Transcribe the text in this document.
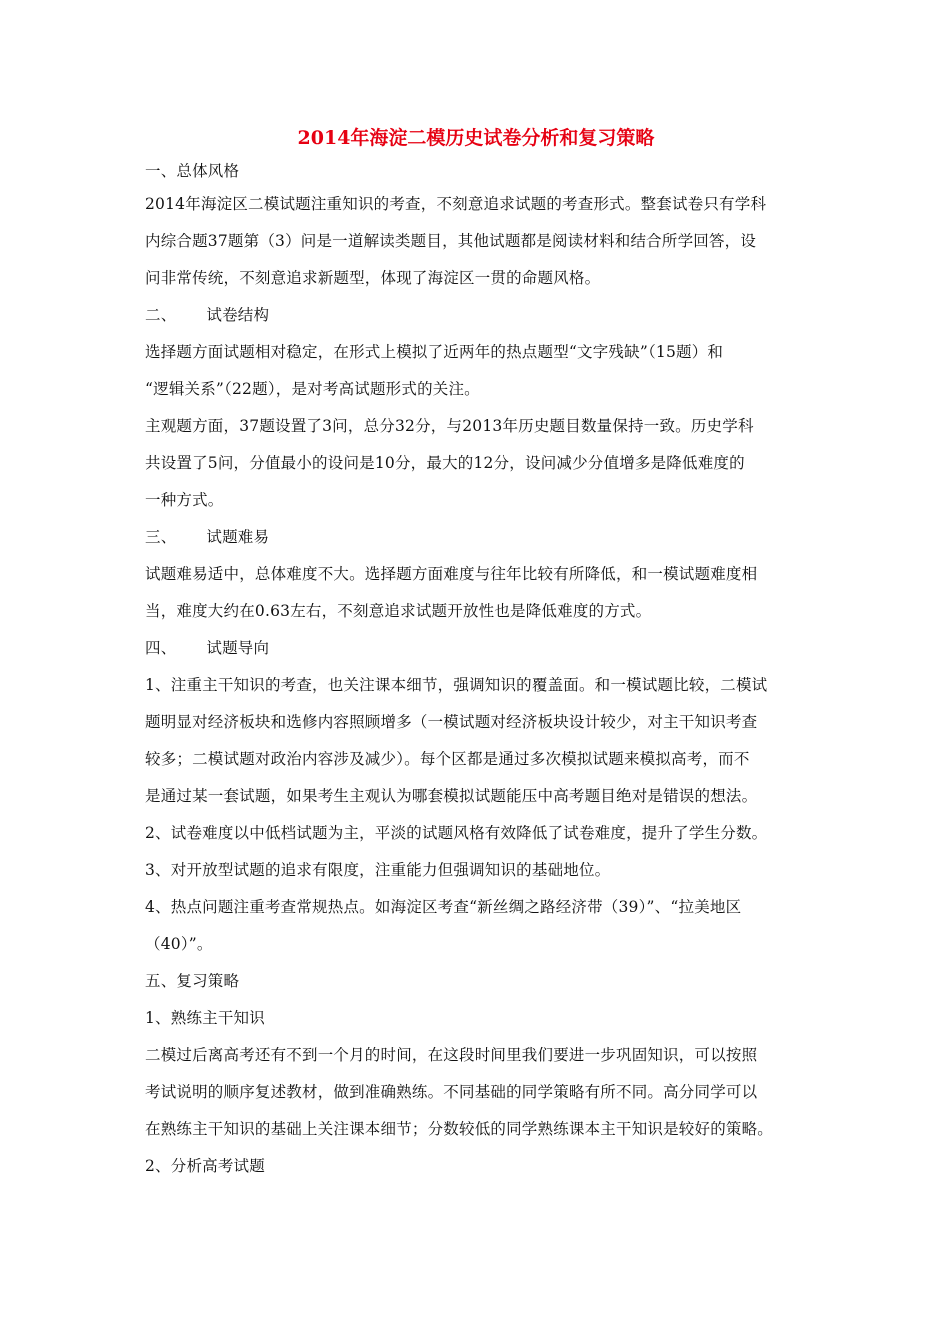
2014年海淀二模历史试卷分析和复习策略

一、总体风格

2014年海淀区二模试题注重知识的考查，不刻意追求试题的考查形式。整套试卷只有学科

内综合题37题第（3）问是一道解读类题目，其他试题都是阅读材料和结合所学回答，设

问非常传统，不刻意追求新题型，体现了海淀区一贯的命题风格。

二、 试卷结构

选择题方面试题相对稳定，在形式上模拟了近两年的热点题型“文字残缺”（15题）和

“逻辑关系”（22题），是对考高试题形式的关注。

主观题方面，37题设置了3问，总分32分，与2013年历史题目数量保持一致。历史学科

共设置了5问，分值最小的设问是10分，最大的12分，设问减少分值增多是降低难度的

一种方式。

三、 试题难易

试题难易适中，总体难度不大。选择题方面难度与往年比较有所降低，和一模试题难度相

当，难度大约在0.63左右，不刻意追求试题开放性也是降低难度的方式。

四、 试题导向

1、注重主干知识的考查，也关注课本细节，强调知识的覆盖面。和一模试题比较，二模试

题明显对经济板块和选修内容照顾增多（一模试题对经济板块设计较少，对主干知识考查

较多；二模试题对政治内容涉及减少）。每个区都是通过多次模拟试题来模拟高考，而不

是通过某一套试题，如果考生主观认为哪套模拟试题能压中高考题目绝对是错误的想法。

2、试卷难度以中低档试题为主，平淡的试题风格有效降低了试卷难度，提升了学生分数。

3、对开放型试题的追求有限度，注重能力但强调知识的基础地位。

4、热点问题注重考查常规热点。如海淀区考查“新丝绸之路经济带（39）”、“拉美地区

（40）”。

五、复习策略

1、熟练主干知识

二模过后离高考还有不到一个月的时间，在这段时间里我们要进一步巩固知识，可以按照

考试说明的顺序复述教材，做到准确熟练。不同基础的同学策略有所不同。高分同学可以

在熟练主干知识的基础上关注课本细节；分数较低的同学熟练课本主干知识是较好的策略。

2、分析高考试题
